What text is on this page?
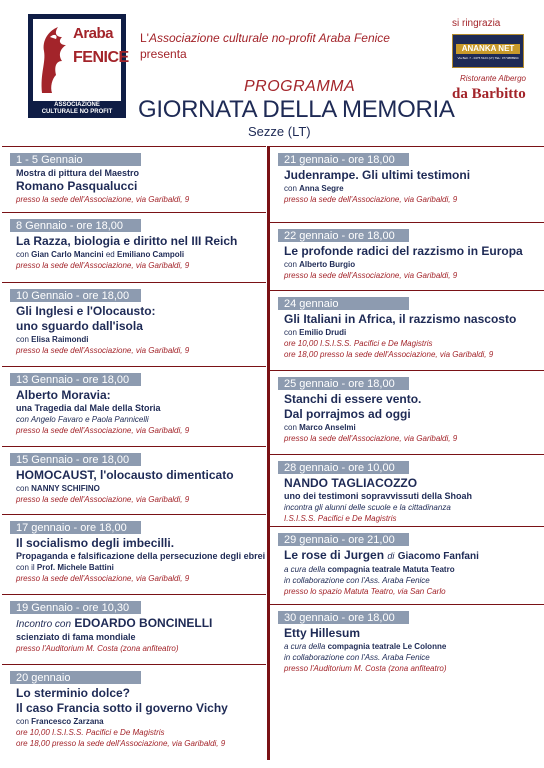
Araba
FENICE
ASSOCIAZIONE
CULTURALE NO PROFIT
L'Associazione culturale no-profit Araba Fenice
presenta
PROGRAMMA
GIORNATA DELLA MEMORIA
Sezze (LT)
si ringrazia
ANANKA NET
Via Bell. 7 - 0475 5123 (LT) TEL: 0773888994
Ristorante Albergo
da Barbitto
1 - 5 Gennaio
Mostra di pittura del Maestro
Romano Pasqualucci
presso la sede dell'Associazione, via Garibaldi, 9
8 Gennaio - ore 18,00
La Razza, biologia e diritto nel III Reich
con Gian Carlo Mancini ed Emiliano Campoli
presso la sede dell'Associazione, via Garibaldi, 9
10 Gennaio - ore 18,00
Gli Inglesi e l'Olocausto:
uno sguardo dall'isola
con Elisa Raimondi
presso la sede dell'Associazione, via Garibaldi, 9
13 Gennaio - ore 18,00
Alberto Moravia:
una Tragedia dal Male della Storia
con Angelo Favaro e Paola Pannicelli
presso la sede dell'Associazione, via Garibaldi, 9
15 Gennaio - ore 18,00
HOMOCAUST, l'olocausto dimenticato
con NANNY SCHIFINO
presso la sede dell'Associazione, via Garibaldi, 9
17 gennaio - ore 18,00
Il socialismo degli imbecilli.
Propaganda e falsificazione della persecuzione degli ebrei
con il Prof. Michele Battini
presso la sede dell'Associazione, via Garibaldi, 9
19 Gennaio - ore 10,30
Incontro con EDOARDO BONCINELLI
scienziato di fama mondiale
presso l'Auditorium M. Costa (zona anfiteatro)
20 gennaio
Lo sterminio dolce?
Il caso Francia sotto il governo Vichy
con Francesco Zarzana
ore 10,00 I.S.I.S.S. Pacifici e De Magistris
ore 18,00 presso la sede dell'Associazione, via Garibaldi, 9
21 gennaio - ore 18,00
Judenrampe. Gli ultimi testimoni
con Anna Segre
presso la sede dell'Associazione, via Garibaldi, 9
22 gennaio - ore 18,00
Le profonde radici del razzismo in Europa
con Alberto Burgio
presso la sede dell'Associazione, via Garibaldi, 9
24 gennaio
Gli Italiani in Africa, il razzismo nascosto
con Emilio Drudi
ore 10,00 I.S.I.S.S. Pacifici e De Magistris
ore 18,00 presso la sede dell'Associazione, via Garibaldi, 9
25 gennaio - ore 18,00
Stanchi di essere vento.
Dal porrajmos ad oggi
con Marco Anselmi
presso la sede dell'Associazione, via Garibaldi, 9
28 gennaio - ore 10,00
NANDO TAGLIACOZZO
uno dei testimoni sopravvissuti della Shoah
incontra gli alunni delle scuole e la cittadinanza
I.S.I.S.S. Pacifici e De Magistris
29 gennaio - ore 21,00
Le rose di Jurgen di Giacomo Fanfani
a cura della compagnia teatrale Matuta Teatro
in collaborazione con l'Ass. Araba Fenice
presso lo spazio Matuta Teatro, via San Carlo
30 gennaio - ore 18,00
Etty Hillesum
a cura della compagnia teatrale Le Colonne
in collaborazione con l'Ass. Araba Fenice
presso l'Auditorium M. Costa (zona anfiteatro)
